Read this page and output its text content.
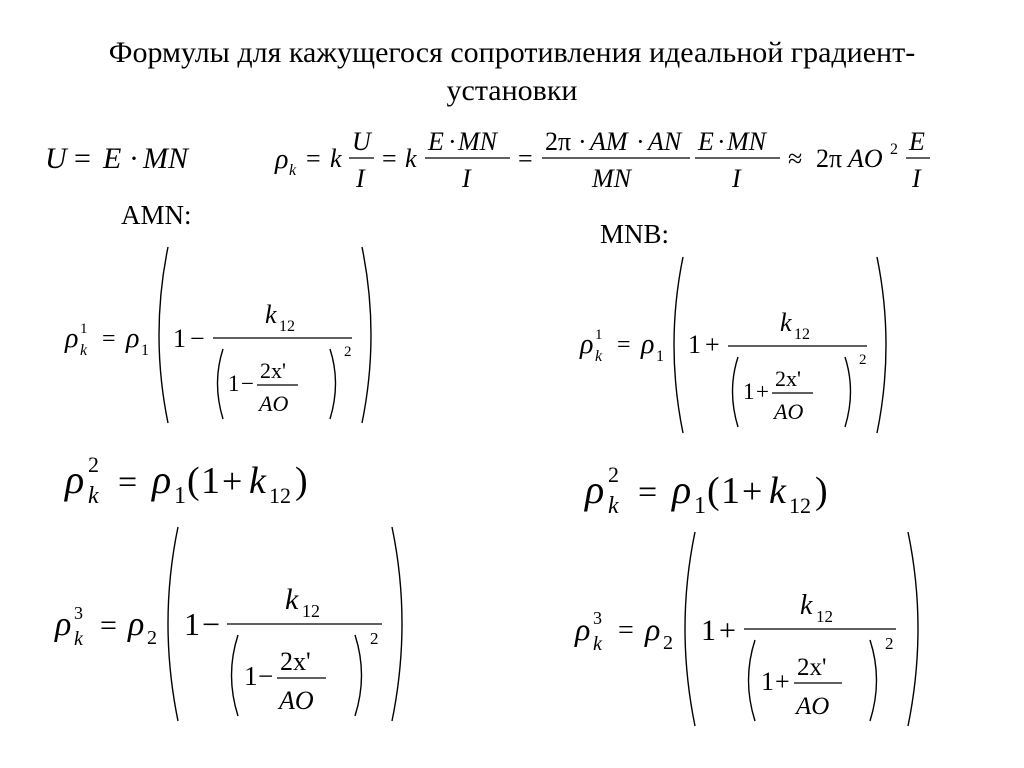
Формулы для кажущегося сопротивления идеальной градиент-
установки
AMN:
MNB:
U = E · MN	ρ k = k
U
I
= k
E · MN
I
=
2π · AM · AN
MN
E · MN
I
≈ 2π AO 2 E
I
ρ 1
k = ρ 1 1 −
k 12
1 −
2x'
AO
2	ρ 1
k = ρ 1 1 +
k 12
1 +
2x'
AO
2
ρ 2
k = ρ 1 ( 1 + k 12 )	ρ 2
k = ρ 1 ( 1 + k 12 )
ρ 3
k = ρ 2 1 −
k 12
1 − 2x'
AO
2	ρ 3
k = ρ 2 1 +
k 12
1 + 2x'
AO
2
